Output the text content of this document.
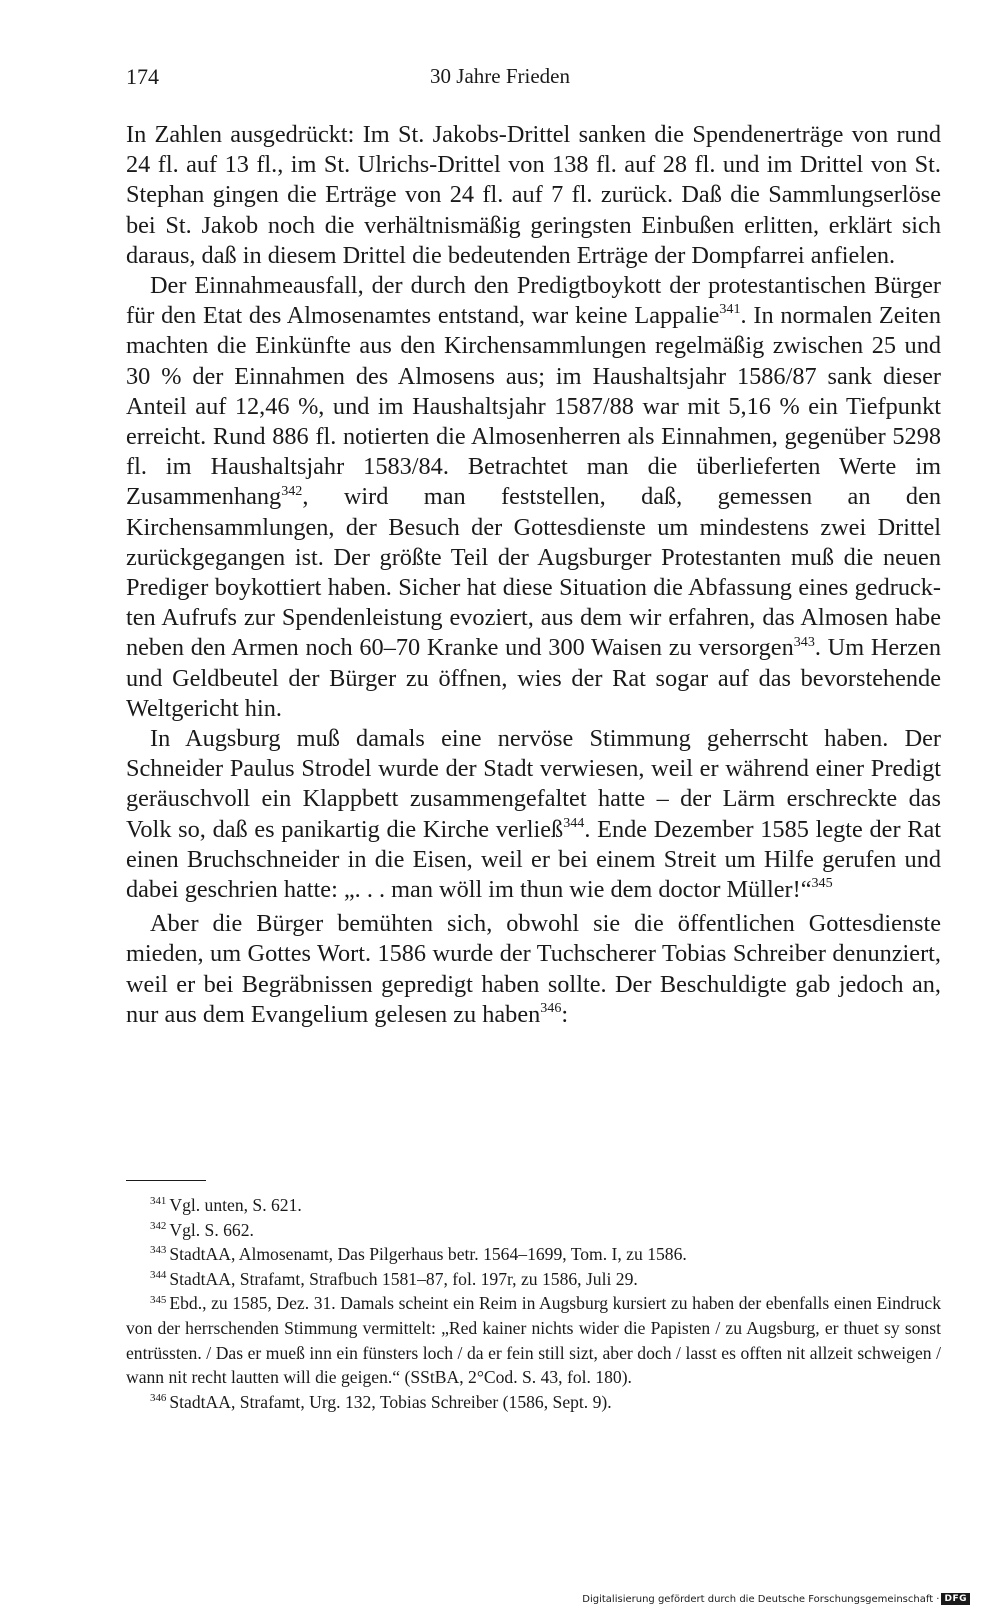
174	30 Jahre Frieden

In Zahlen ausgedrückt: Im St. Jakobs-Drittel sanken die Spendenerträge von rund 24 fl. auf 13 fl., im St. Ulrichs-Drittel von 138 fl. auf 28 fl. und im Drittel von St. Stephan gingen die Erträge von 24 fl. auf 7 fl. zurück. Daß die Sammlungserlöse bei St. Jakob noch die verhältnismäßig geringsten Einbußen erlitten, erklärt sich daraus, daß in diesem Drittel die bedeutenden Erträge der Dompfarrei anfielen.

Der Einnahmeausfall, der durch den Predigtboykott der protestantischen Bürger für den Etat des Almosenamtes entstand, war keine Lappalie$^{341}$. In normalen Zeiten machten die Einkünfte aus den Kirchensammlungen regelmäßig zwischen 25 und 30 % der Einnahmen des Almosens aus; im Haushaltsjahr 1586/87 sank dieser Anteil auf 12,46 %, und im Haushaltsjahr 1587/88 war mit 5,16 % ein Tiefpunkt erreicht. Rund 886 fl. notierten die Almosenherren als Einnahmen, gegenüber 5298 fl. im Haushaltsjahr 1583/84. Betrachtet man die überlieferten Werte im Zusammenhang$^{342}$, wird man feststellen, daß, gemessen an den Kirchensammlungen, der Besuch der Gottesdienste um mindestens zwei Drittel zurückgegangen ist. Der größte Teil der Augsburger Protestanten muß die neuen Prediger boykottiert haben. Sicher hat diese Situation die Abfassung eines gedruckten Aufrufs zur Spendenleistung evoziert, aus dem wir erfahren, das Almosen habe neben den Armen noch 60–70 Kranke und 300 Waisen zu versorgen$^{343}$. Um Herzen und Geldbeutel der Bürger zu öffnen, wies der Rat sogar auf das bevorstehende Weltgericht hin.

In Augsburg muß damals eine nervöse Stimmung geherrscht haben. Der Schneider Paulus Strodel wurde der Stadt verwiesen, weil er während einer Predigt geräuschvoll ein Klappbett zusammengefaltet hatte – der Lärm erschreckte das Volk so, daß es panikartig die Kirche verließ$^{344}$. Ende Dezember 1585 legte der Rat einen Bruchschneider in die Eisen, weil er bei einem Streit um Hilfe gerufen und dabei geschrien hatte: „. . . man wöll im thun wie dem doctor Müller!“$^{345}$

Aber die Bürger bemühten sich, obwohl sie die öffentlichen Gottesdienste mieden, um Gottes Wort. 1586 wurde der Tuchscherer Tobias Schreiber denunziert, weil er bei Begräbnissen gepredigt haben sollte. Der Beschuldigte gab jedoch an, nur aus dem Evangelium gelesen zu haben$^{346}$:

$^{341}$ Vgl. unten, S. 621.

$^{342}$ Vgl. S. 662.

$^{343}$ StadtAA, Almosenamt, Das Pilgerhaus betr. 1564–1699, Tom. I, zu 1586.

$^{344}$ StadtAA, Strafamt, Strafbuch 1581–87, fol. 197r, zu 1586, Juli 29.

$^{345}$ Ebd., zu 1585, Dez. 31. Damals scheint ein Reim in Augsburg kursiert zu haben der ebenfalls einen Eindruck von der herrschenden Stimmung vermittelt: „Red kainer nichts wider die Papisten / zu Augsburg, er thuet sy sonst entrüssten. / Das er mueß inn ein fünsters loch / da er fein still sizt, aber doch / lasst es offten nit allzeit schweigen / wann nit recht lautten will die geigen.“ (SStBA, 2°Cod. S. 43, fol. 180).

$^{346}$ StadtAA, Strafamt, Urg. 132, Tobias Schreiber (1586, Sept. 9).

Digitalisierung gefördert durch die Deutsche Forschungsgemeinschaft · DFG
